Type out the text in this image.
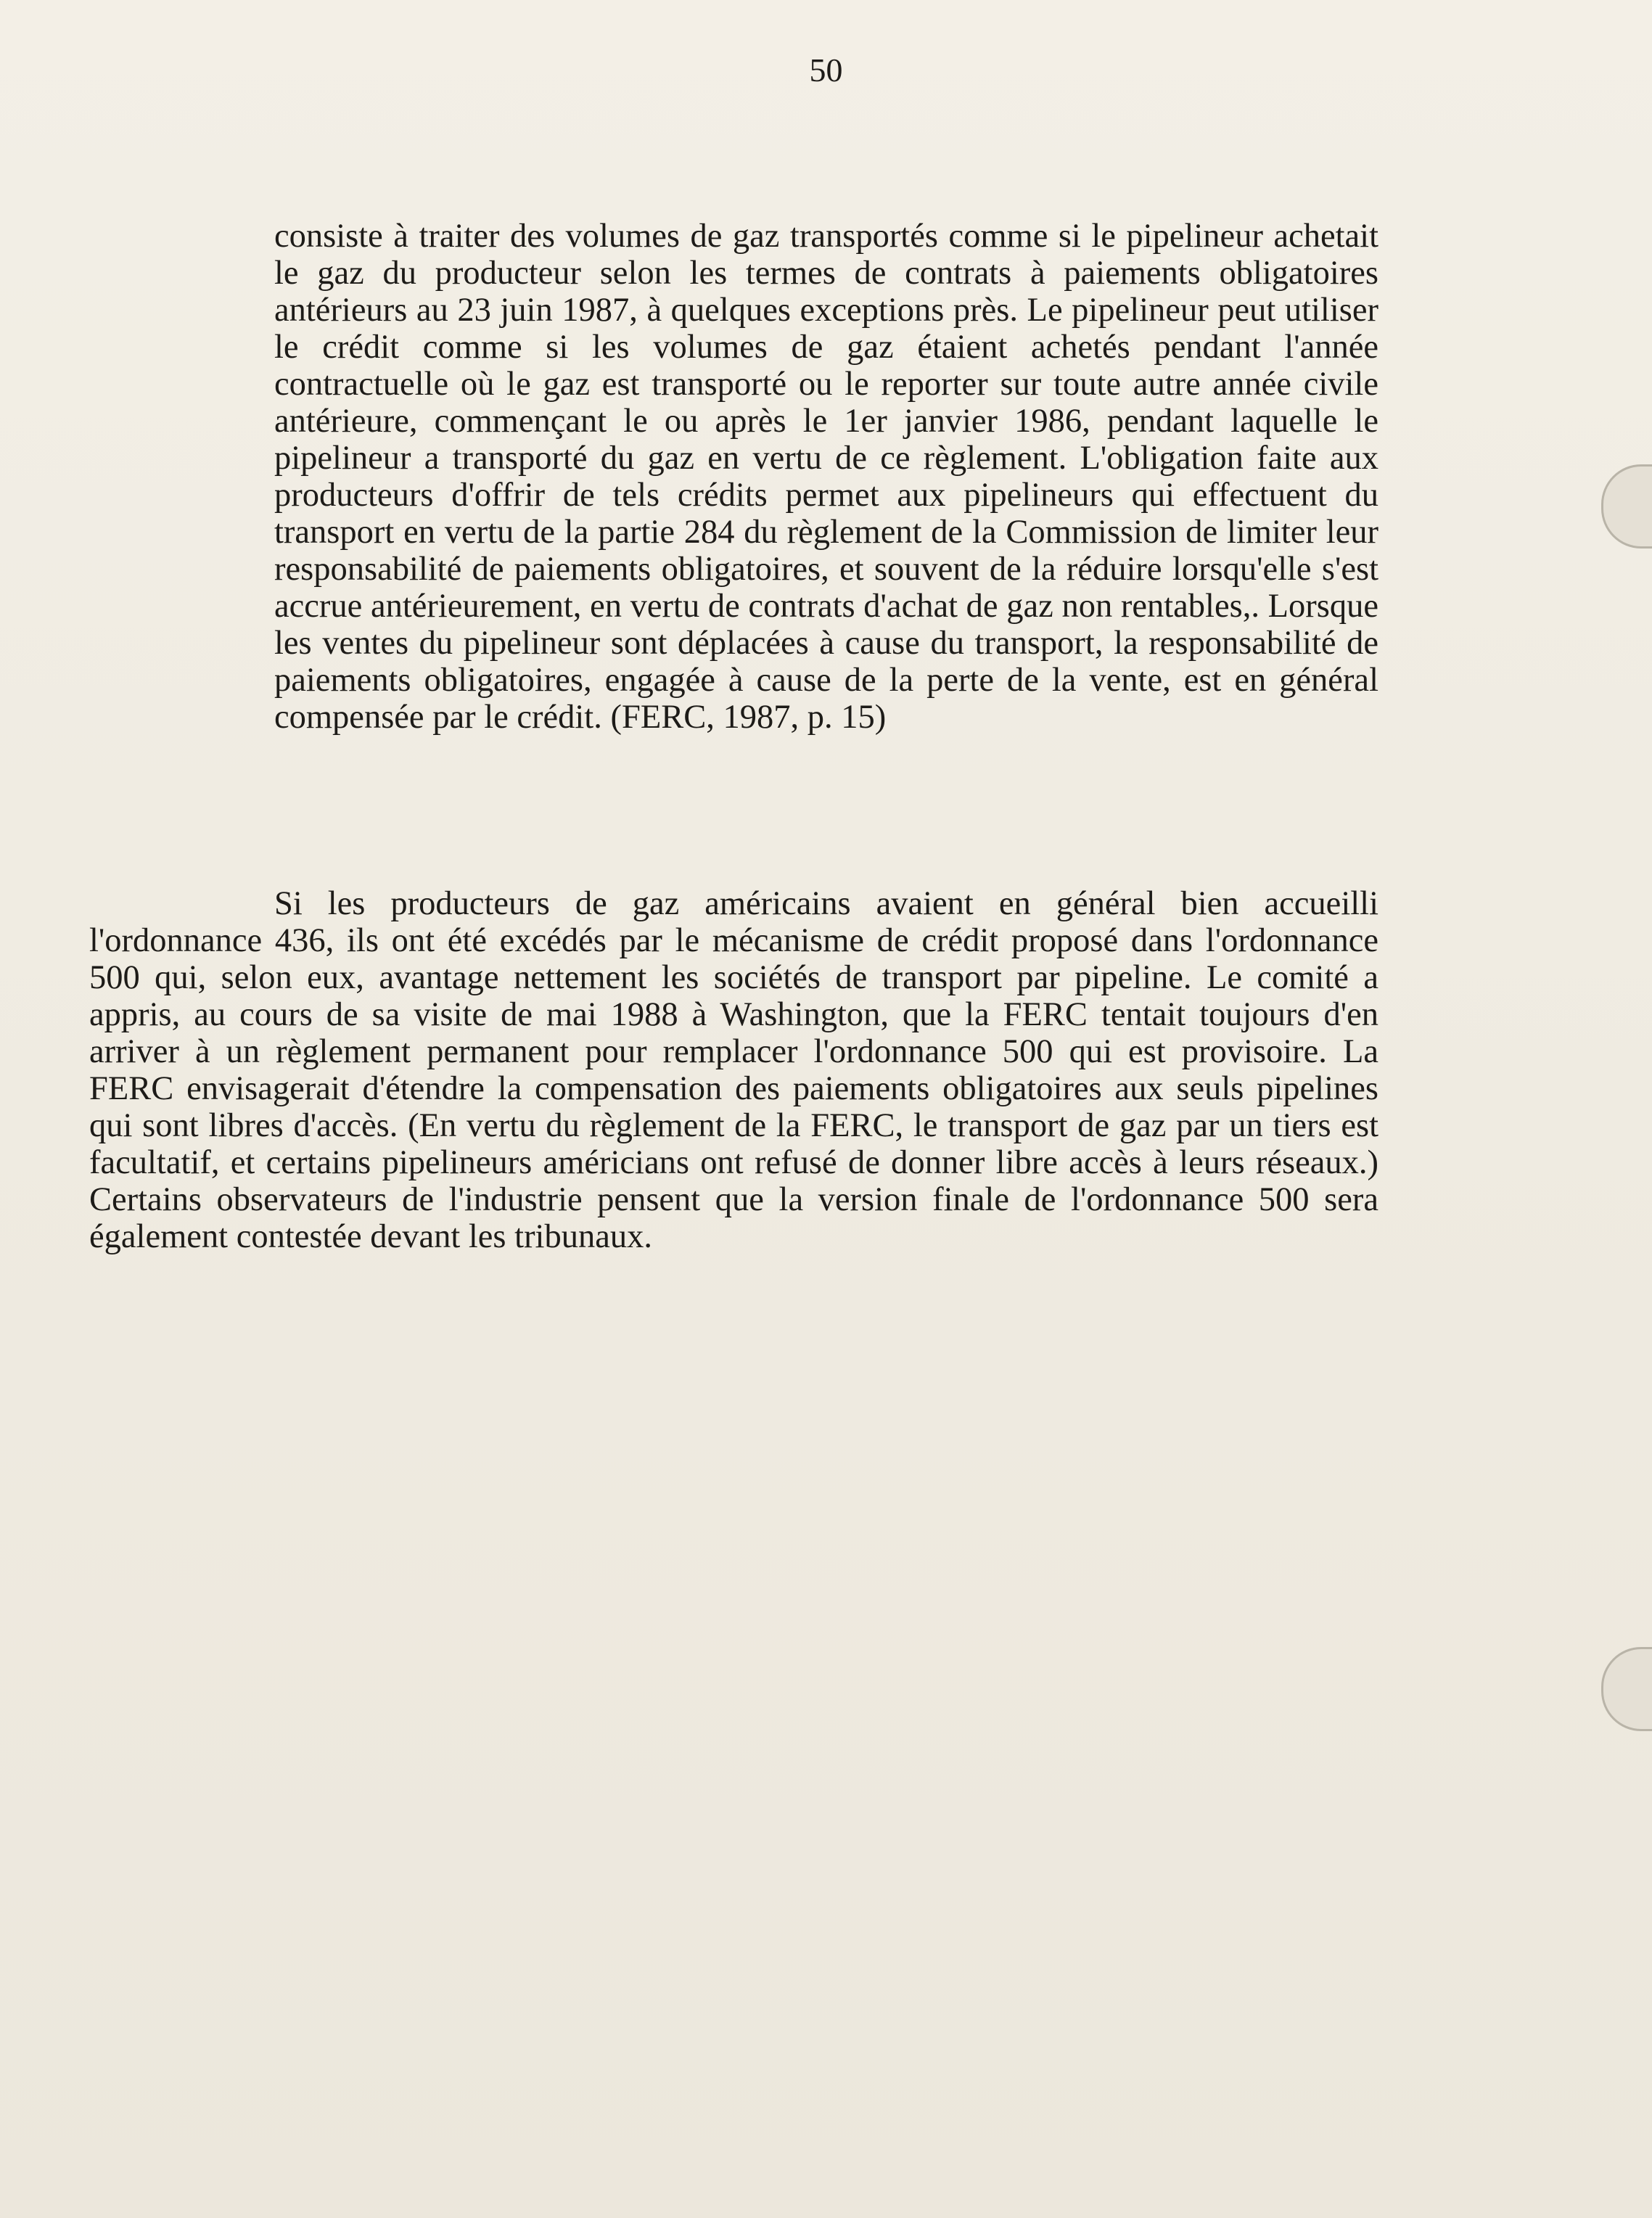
50

consiste à traiter des volumes de gaz transportés comme si le pipelineur achetait le gaz du producteur selon les termes de contrats à paiements obligatoires antérieurs au 23 juin 1987, à quelques exceptions près. Le pipelineur peut utiliser le crédit comme si les volumes de gaz étaient achetés pendant l'année contractuelle où le gaz est transporté ou le reporter sur toute autre année civile antérieure, commençant le ou après le 1er janvier 1986, pendant laquelle le pipelineur a transporté du gaz en vertu de ce règlement. L'obligation faite aux producteurs d'offrir de tels crédits permet aux pipelineurs qui effectuent du transport en vertu de la partie 284 du règlement de la Commission de limiter leur responsabilité de paiements obligatoires, et souvent de la réduire lorsqu'elle s'est accrue antérieurement, en vertu de contrats d'achat de gaz non rentables,. Lorsque les ventes du pipelineur sont déplacées à cause du transport, la responsabilité de paiements obligatoires, engagée à cause de la perte de la vente, est en général compensée par le crédit. (FERC, 1987, p. 15)

Si les producteurs de gaz américains avaient en général bien accueilli l'ordonnance 436, ils ont été excédés par le mécanisme de crédit proposé dans l'ordonnance 500 qui, selon eux, avantage nettement les sociétés de transport par pipeline. Le comité a appris, au cours de sa visite de mai 1988 à Washington, que la FERC tentait toujours d'en arriver à un règlement permanent pour remplacer l'ordonnance 500 qui est provisoire. La FERC envisagerait d'étendre la compensation des paiements obligatoires aux seuls pipelines qui sont libres d'accès. (En vertu du règlement de la FERC, le transport de gaz par un tiers est facultatif, et certains pipelineurs américians ont refusé de donner libre accès à leurs réseaux.) Certains observateurs de l'industrie pensent que la version finale de l'ordonnance 500 sera également contestée devant les tribunaux.
